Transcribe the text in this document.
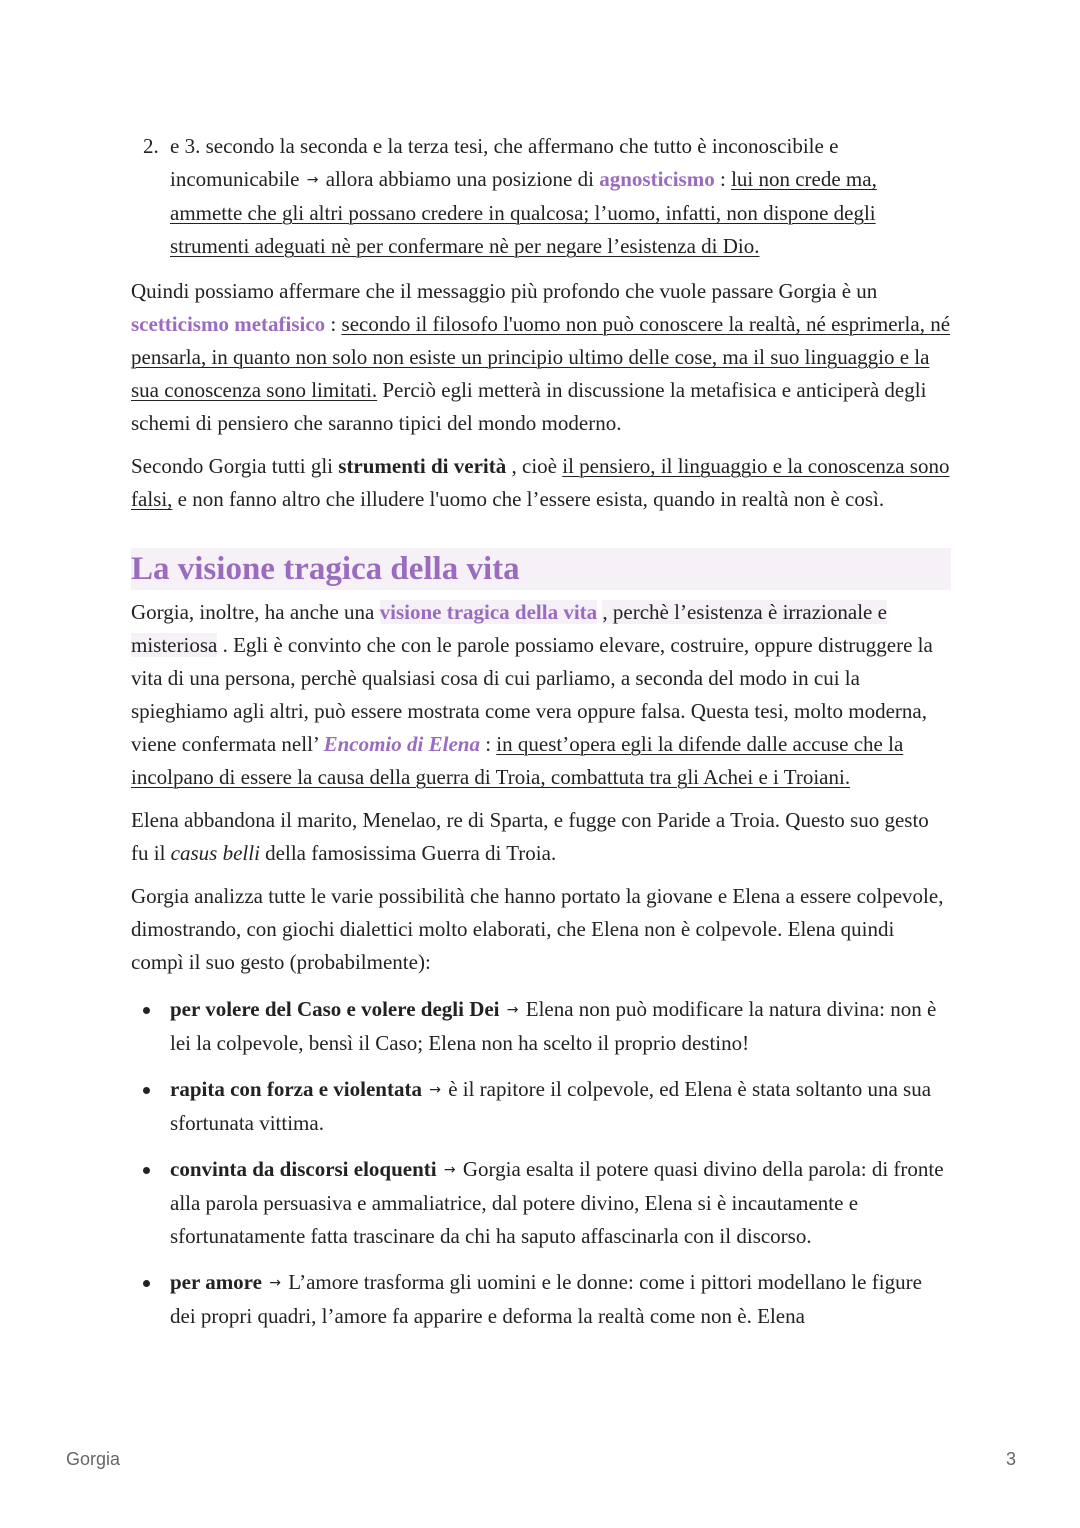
2. e 3. secondo la seconda e la terza tesi, che affermano che tutto è inconoscibile e incomunicabile → allora abbiamo una posizione di agnosticismo : lui non crede ma, ammette che gli altri possano credere in qualcosa; l’uomo, infatti, non dispone degli strumenti adeguati nè per confermare nè per negare l’esistenza di Dio.

Quindi possiamo affermare che il messaggio più profondo che vuole passare Gorgia è un scetticismo metafisico : secondo il filosofo l'uomo non può conoscere la realtà, né esprimerla, né pensarla, in quanto non solo non esiste un principio ultimo delle cose, ma il suo linguaggio e la sua conoscenza sono limitati. Perciò egli metterà in discussione la metafisica e anticiperà degli schemi di pensiero che saranno tipici del mondo moderno.

Secondo Gorgia tutti gli strumenti di verità , cioè il pensiero, il linguaggio e la conoscenza sono falsi, e non fanno altro che illudere l'uomo che l’essere esista, quando in realtà non è così.

La visione tragica della vita

Gorgia, inoltre, ha anche una visione tragica della vita , perchè l’esistenza è irrazionale e misteriosa . Egli è convinto che con le parole possiamo elevare, costruire, oppure distruggere la vita di una persona, perchè qualsiasi cosa di cui parliamo, a seconda del modo in cui la spieghiamo agli altri, può essere mostrata come vera oppure falsa. Questa tesi, molto moderna, viene confermata nell’ Encomio di Elena : in quest’opera egli la difende dalle accuse che la incolpano di essere la causa della guerra di Troia, combattuta tra gli Achei e i Troiani.

Elena abbandona il marito, Menelao, re di Sparta, e fugge con Paride a Troia. Questo suo gesto fu il casus belli della famosissima Guerra di Troia.

Gorgia analizza tutte le varie possibilità che hanno portato la giovane e Elena a essere colpevole, dimostrando, con giochi dialettici molto elaborati, che Elena non è colpevole. Elena quindi compì il suo gesto (probabilmente):

per volere del Caso e volere degli Dei → Elena non può modificare la natura divina: non è lei la colpevole, bensì il Caso; Elena non ha scelto il proprio destino!
rapita con forza e violentata → è il rapitore il colpevole, ed Elena è stata soltanto una sua sfortunata vittima.
convinta da discorsi eloquenti → Gorgia esalta il potere quasi divino della parola: di fronte alla parola persuasiva e ammaliatrice, dal potere divino, Elena si è incautamente e sfortunatamente fatta trascinare da chi ha saputo affascinarla con il discorso.
per amore → L’amore trasforma gli uomini e le donne: come i pittori modellano le figure dei propri quadri, l’amore fa apparire e deforma la realtà come non è. Elena
Gorgia	3
